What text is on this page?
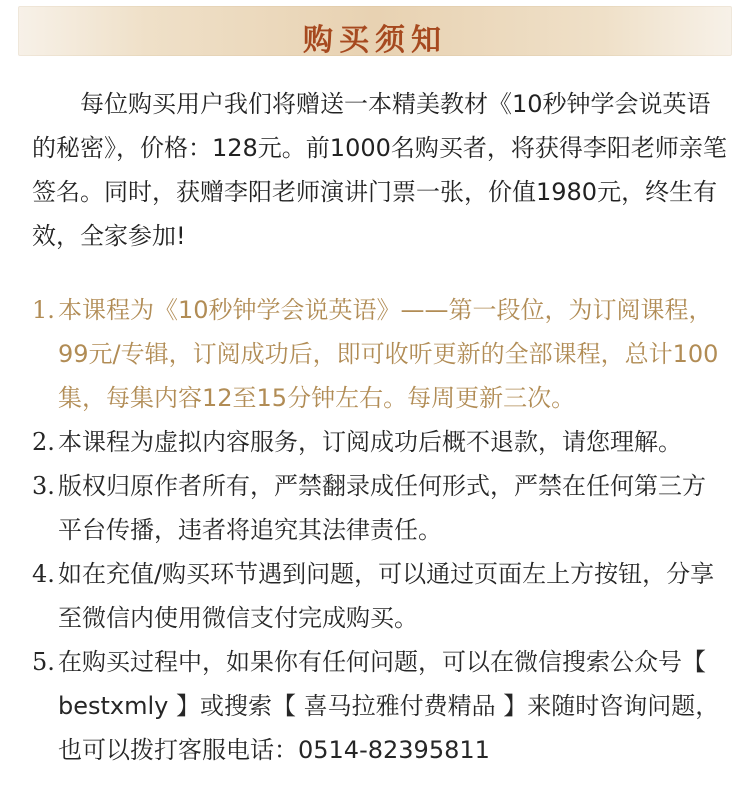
购买须知

每位购买用户我们将赠送一本精美教材《10秒钟学会说英语的秘密》，价格：128元。前1000名购买者，将获得李阳老师亲笔签名。同时，获赠李阳老师演讲门票一张，价值1980元，终生有效，全家参加!

1. 本课程为《10秒钟学会说英语》——第一段位，为订阅课程，99元/专辑，订阅成功后，即可收听更新的全部课程，总计100集，每集内容12至15分钟左右。每周更新三次。
2. 本课程为虚拟内容服务，订阅成功后概不退款，请您理解。
3. 版权归原作者所有，严禁翻录成任何形式，严禁在任何第三方平台传播，违者将追究其法律责任。
4. 如在充值/购买环节遇到问题，可以通过页面左上方按钮，分享至微信内使用微信支付完成购买。
5. 在购买过程中，如果你有任何问题，可以在微信搜索公众号【 bestxmly 】或搜索【 喜马拉雅付费精品 】来随时咨询问题，也可以拨打客服电话：0514-82395811
